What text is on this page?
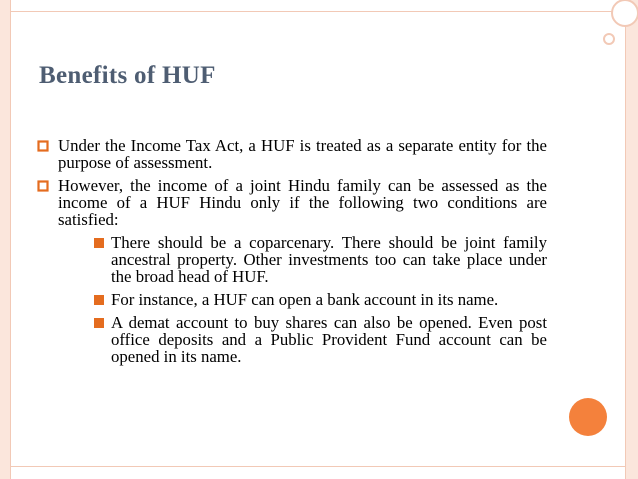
Benefits of HUF
Under the Income Tax Act, a HUF is treated as a separate entity for the purpose of assessment.
However, the income of a joint Hindu family can be assessed as the income of a HUF Hindu only if the following two conditions are satisfied:
There should be a coparcenary. There should be joint family ancestral property. Other investments too can take place under the broad head of HUF.
For instance, a HUF can open a bank account in its name.
A demat account to buy shares can also be opened. Even post office deposits and a Public Provident Fund account can be opened in its name.
